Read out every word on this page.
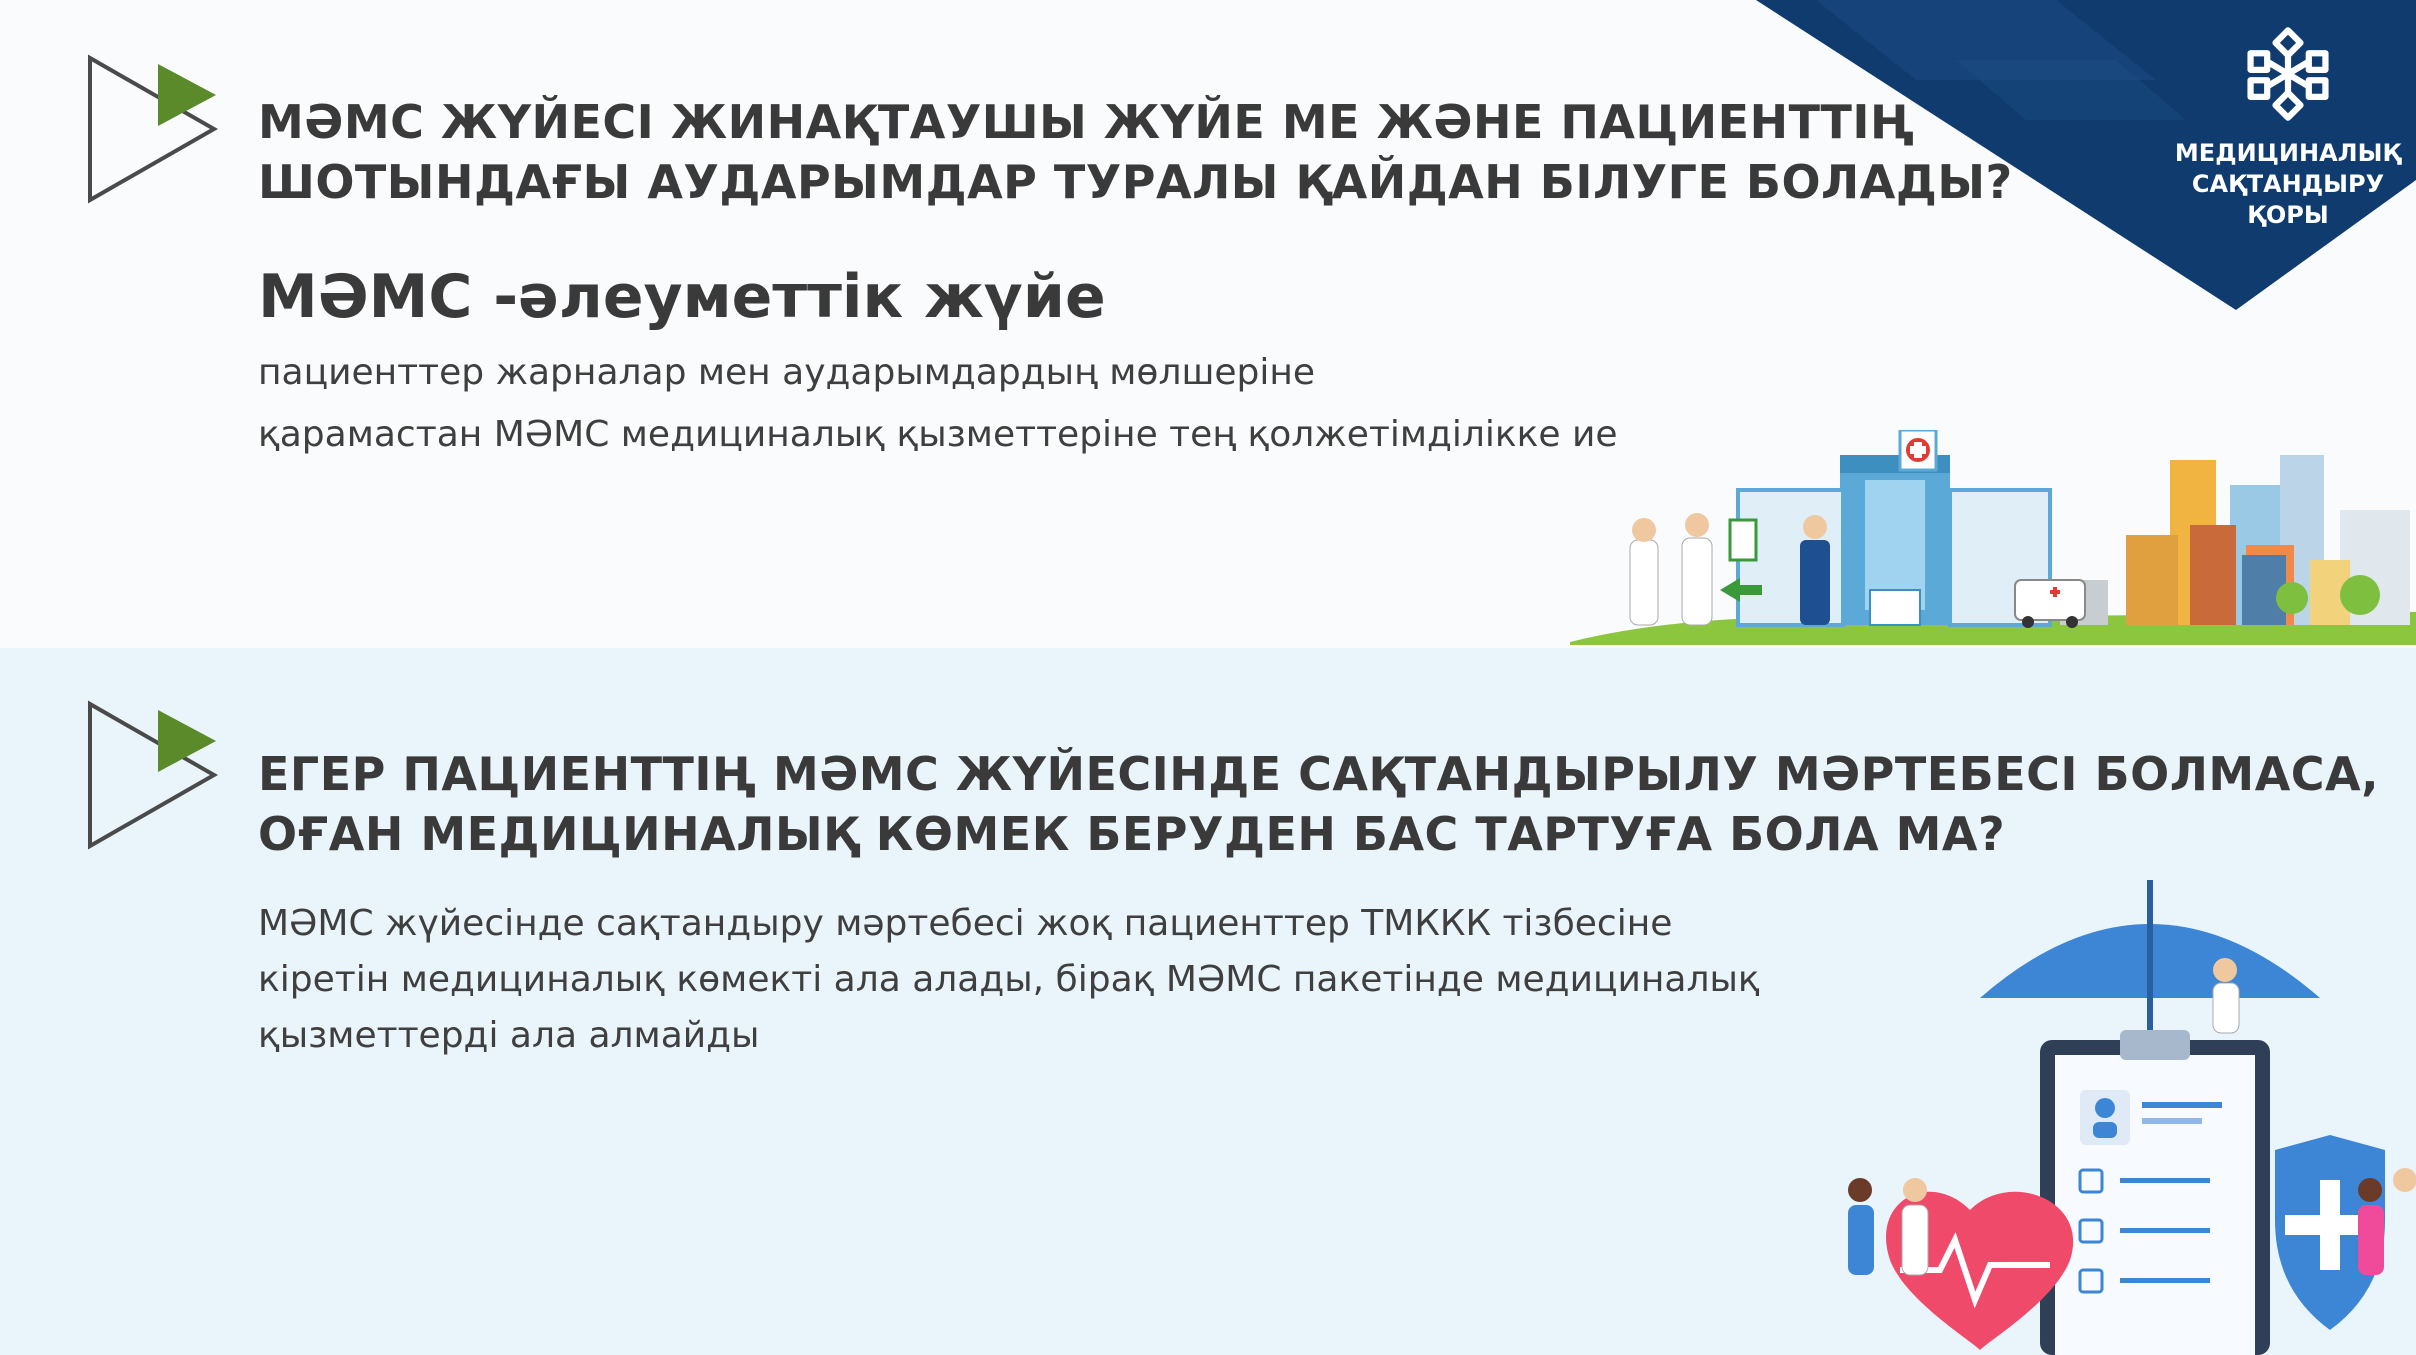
МЕДИЦИНАЛЫҚ
САҚТАНДЫРУ
ҚОРЫ
МӘМС ЖҮЙЕСІ ЖИНАҚТАУШЫ ЖҮЙЕ МЕ ЖӘНЕ ПАЦИЕНТТІҢ
ШОТЫНДАҒЫ АУДАРЫМДАР ТУРАЛЫ ҚАЙДАН БІЛУГЕ БОЛАДЫ?
МӘМС -әлеуметтік жүйе
пациенттер жарналар мен аударымдардың мөлшеріне
қарамастан МӘМС медициналық қызметтеріне тең қолжетімділікке ие
ЕГЕР ПАЦИЕНТТІҢ МӘМС ЖҮЙЕСІНДЕ САҚТАНДЫРЫЛУ МӘРТЕБЕСІ БОЛМАСА,
ОҒАН МЕДИЦИНАЛЫҚ КӨМЕК БЕРУДЕН БАС ТАРТУҒА БОЛА МА?
МӘМС жүйесінде сақтандыру мәртебесі жоқ пациенттер ТМККК тізбесіне
кіретін медициналық көмекті ала алады, бірақ МӘМС пакетінде медициналық
қызметтерді ала алмайды
